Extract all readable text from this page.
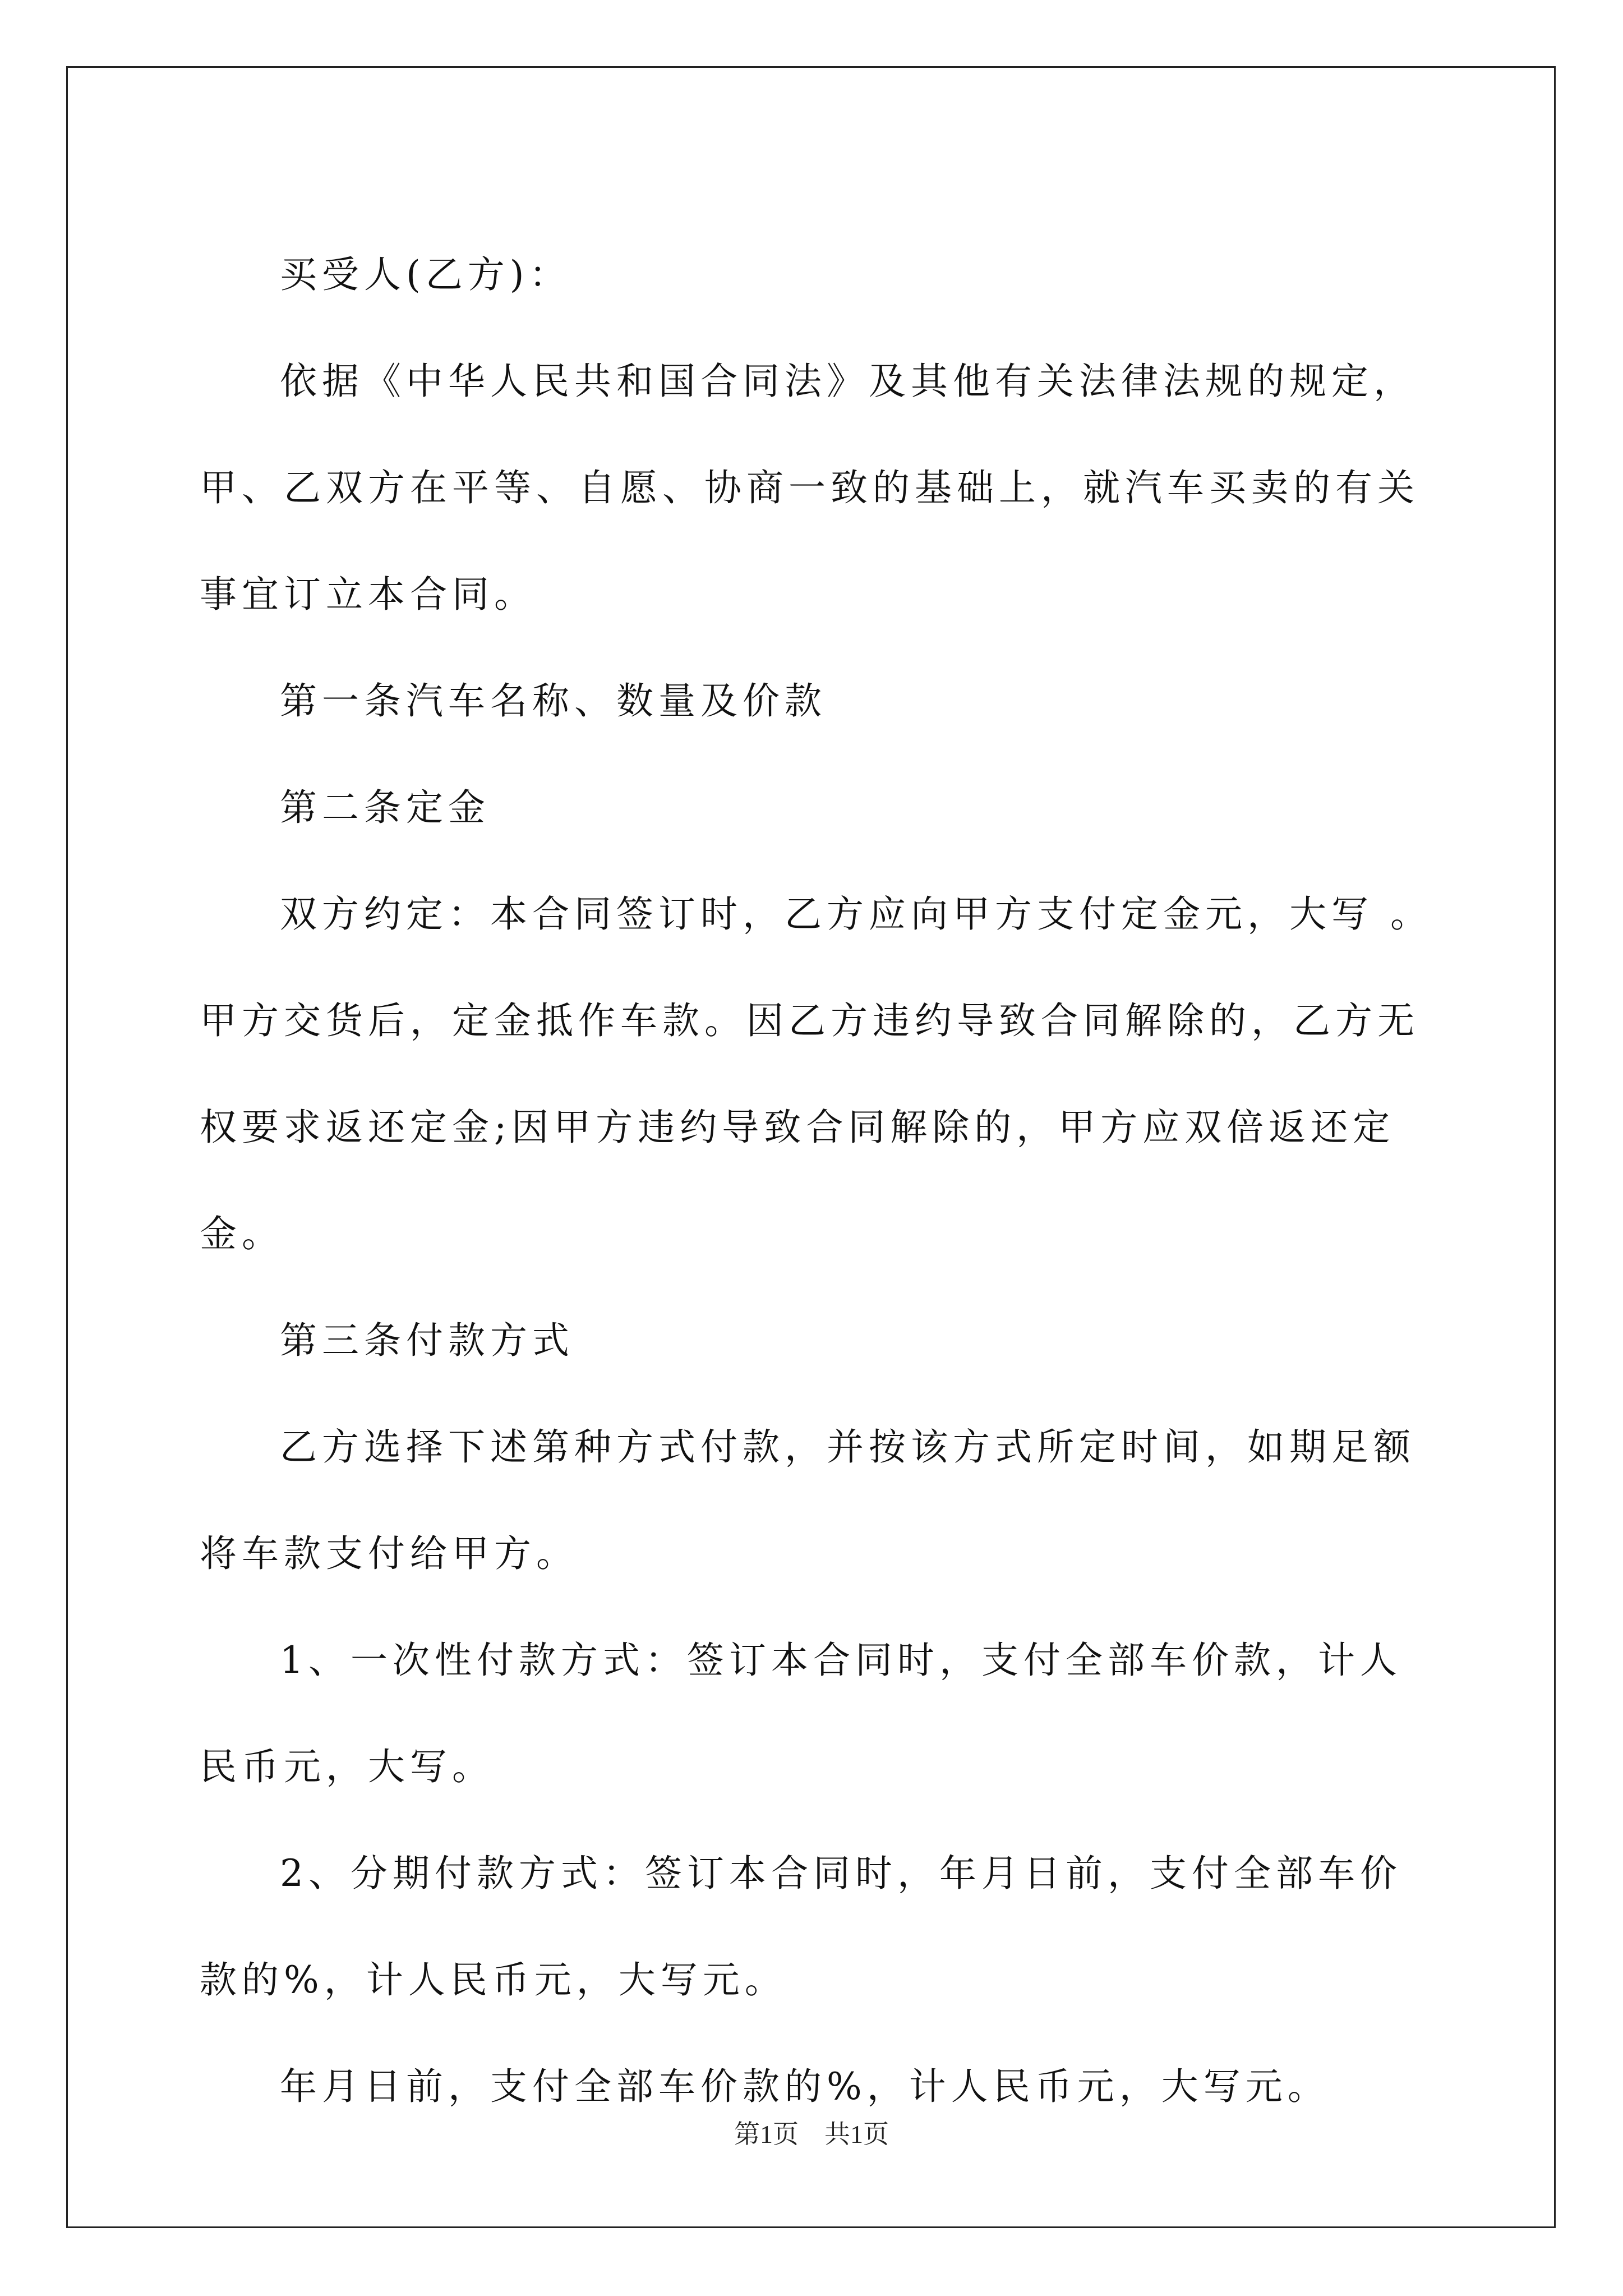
买受人(乙方)：

依据《中华人民共和国合同法》及其他有关法律法规的规定，甲、乙双方在平等、自愿、协商一致的基础上，就汽车买卖的有关事宜订立本合同。

第一条汽车名称、数量及价款

第二条定金

双方约定：本合同签订时，乙方应向甲方支付定金元，大写 。甲方交货后，定金抵作车款。因乙方违约导致合同解除的，乙方无权要求返还定金;因甲方违约导致合同解除的，甲方应双倍返还定金。

第三条付款方式

乙方选择下述第种方式付款，并按该方式所定时间，如期足额将车款支付给甲方。

1、一次性付款方式：签订本合同时，支付全部车价款，计人民币元，大写。

2、分期付款方式：签订本合同时，年月日前，支付全部车价款的%，计人民币元，大写元。

年月日前，支付全部车价款的%，计人民币元，大写元。

第1页　共1页
